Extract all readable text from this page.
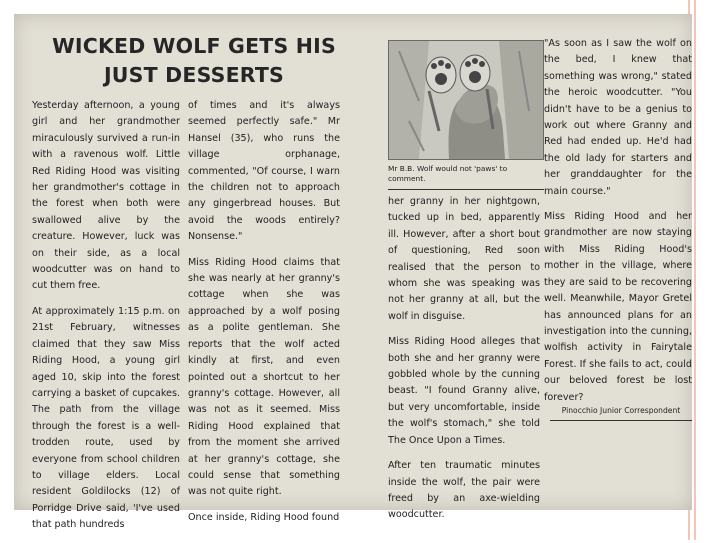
WICKED WOLF GETS HIS
JUST DESSERTS

Yesterday afternoon, a young girl and her grandmother miraculously survived a run-in with a ravenous wolf. Little Red Riding Hood was visiting her grandmother's cottage in the forest when both were swallowed alive by the creature. However, luck was on their side, as a local woodcutter was on hand to cut them free.

At approximately 1:15 p.m. on 21st February, witnesses claimed that they saw Miss Riding Hood, a young girl aged 10, skip into the forest carrying a basket of cupcakes. The path from the village through the forest is a well-trodden route, used by everyone from school children to village elders. Local resident Goldilocks (12) of Porridge Drive said, 'I've used that path hundreds

of times and it's always seemed perfectly safe." Mr Hansel (35), who runs the village orphanage, commented, "Of course, I warn the children not to approach any gingerbread houses. But avoid the woods entirely? Nonsense."

Miss Riding Hood claims that she was nearly at her granny's cottage when she was approached by a wolf posing as a polite gentleman. She reports that the wolf acted kindly at first, and even pointed out a shortcut to her granny's cottage. However, all was not as it seemed. Miss Riding Hood explained that from the moment she arrived at her granny's cottage, she could sense that something was not quite right.

Once inside, Riding Hood found

Mr B.B. Wolf would not 'paws' to comment.

her granny in her nightgown, tucked up in bed, apparently ill. However, after a short bout of questioning, Red soon realised that the person to whom she was speaking was not her granny at all, but the wolf in disguise.

Miss Riding Hood alleges that both she and her granny were gobbled whole by the cunning beast. "I found Granny alive, but very uncomfortable, inside the wolf's stomach," she told The Once Upon a Times.

After ten traumatic minutes inside the wolf, the pair were freed by an axe-wielding woodcutter.

"As soon as I saw the wolf on the bed, I knew that something was wrong," stated the heroic woodcutter. "You didn't have to be a genius to work out where Granny and Red had ended up. He'd had the old lady for starters and her granddaughter for the main course."

Miss Riding Hood and her grandmother are now staying with Miss Riding Hood's mother in the village, where they are said to be recovering well. Meanwhile, Mayor Gretel has announced plans for an investigation into the cunning, wolfish activity in Fairytale Forest. If she fails to act, could our beloved forest be lost forever?

Pinocchio Junior Correspondent
